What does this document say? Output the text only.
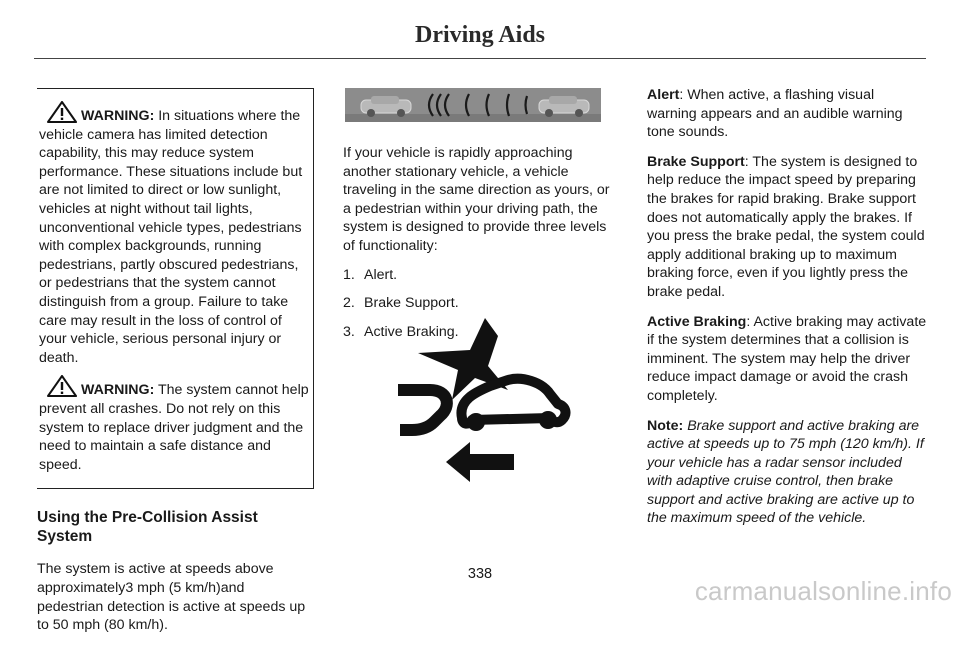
Driving Aids

WARNING: In situations where the vehicle camera has limited detection capability, this may reduce system performance. These situations include but are not limited to direct or low sunlight, vehicles at night without tail lights, unconventional vehicle types, pedestrians with complex backgrounds, running pedestrians, partly obscured pedestrians, or pedestrians that the system cannot distinguish from a group. Failure to take care may result in the loss of control of your vehicle, serious personal injury or death.

WARNING: The system cannot help prevent all crashes. Do not rely on this system to replace driver judgment and the need to maintain a safe distance and speed.

Using the Pre-Collision Assist System

The system is active at speeds above approximately3 mph (5 km/h)and pedestrian detection is active at speeds up to 50 mph (80 km/h).

If your vehicle is rapidly approaching another stationary vehicle, a vehicle traveling in the same direction as yours, or a pedestrian within your driving path, the system is designed to provide three levels of functionality:

1. Alert.
2. Brake Support.
3. Active Braking.

Alert: When active, a flashing visual warning appears and an audible warning tone sounds.

Brake Support: The system is designed to help reduce the impact speed by preparing the brakes for rapid braking. Brake support does not automatically apply the brakes. If you press the brake pedal, the system could apply additional braking up to maximum braking force, even if you lightly press the brake pedal.

Active Braking: Active braking may activate if the system determines that a collision is imminent. The system may help the driver reduce impact damage or avoid the crash completely.

Note: Brake support and active braking are active at speeds up to 75 mph (120 km/h). If your vehicle has a radar sensor included with adaptive cruise control, then brake support and active braking are active up to the maximum speed of the vehicle.

338
carmanualsonline.info
